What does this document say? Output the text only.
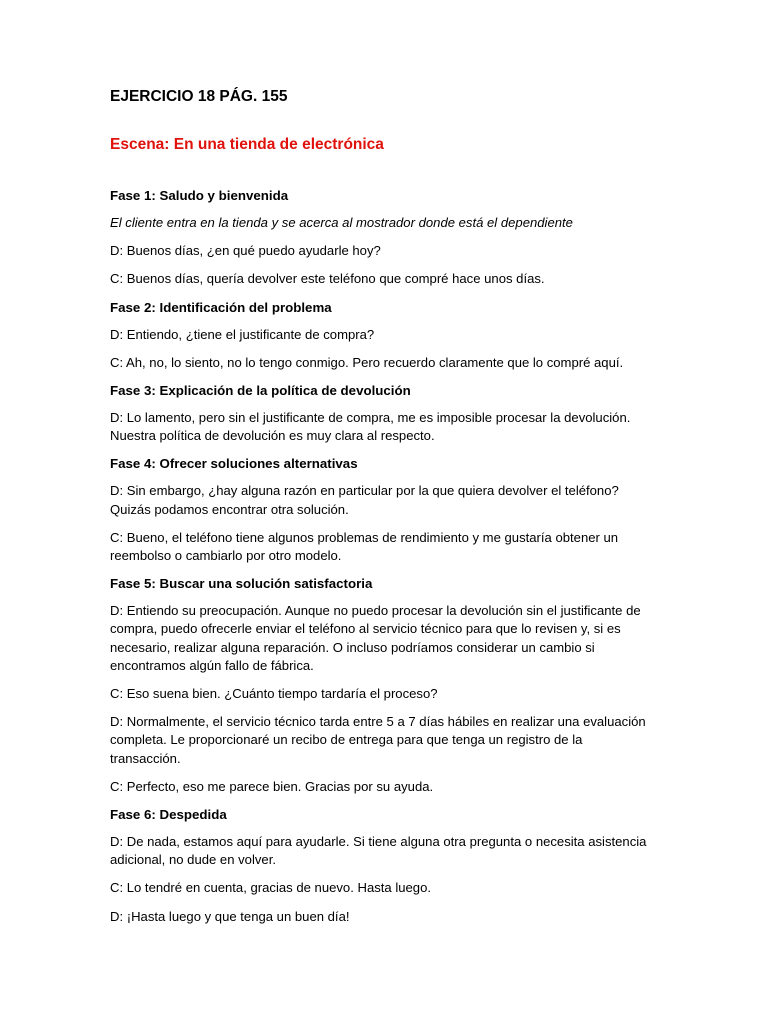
EJERCICIO 18 PÁG. 155
Escena: En una tienda de electrónica
Fase 1: Saludo y bienvenida
El cliente entra en la tienda y se acerca al mostrador donde está el dependiente
D: Buenos días, ¿en qué puedo ayudarle hoy?
C: Buenos días, quería devolver este teléfono que compré hace unos días.
Fase 2: Identificación del problema
D: Entiendo, ¿tiene el justificante de compra?
C: Ah, no, lo siento, no lo tengo conmigo. Pero recuerdo claramente que lo compré aquí.
Fase 3: Explicación de la política de devolución
D: Lo lamento, pero sin el justificante de compra, me es imposible procesar la devolución. Nuestra política de devolución es muy clara al respecto.
Fase 4: Ofrecer soluciones alternativas
D: Sin embargo, ¿hay alguna razón en particular por la que quiera devolver el teléfono? Quizás podamos encontrar otra solución.
C: Bueno, el teléfono tiene algunos problemas de rendimiento y me gustaría obtener un reembolso o cambiarlo por otro modelo.
Fase 5: Buscar una solución satisfactoria
D: Entiendo su preocupación. Aunque no puedo procesar la devolución sin el justificante de compra, puedo ofrecerle enviar el teléfono al servicio técnico para que lo revisen y, si es necesario, realizar alguna reparación. O incluso podríamos considerar un cambio si encontramos algún fallo de fábrica.
C: Eso suena bien. ¿Cuánto tiempo tardaría el proceso?
D: Normalmente, el servicio técnico tarda entre 5 a 7 días hábiles en realizar una evaluación completa. Le proporcionaré un recibo de entrega para que tenga un registro de la transacción.
C: Perfecto, eso me parece bien. Gracias por su ayuda.
Fase 6: Despedida
D: De nada, estamos aquí para ayudarle. Si tiene alguna otra pregunta o necesita asistencia adicional, no dude en volver.
C: Lo tendré en cuenta, gracias de nuevo. Hasta luego.
D: ¡Hasta luego y que tenga un buen día!
